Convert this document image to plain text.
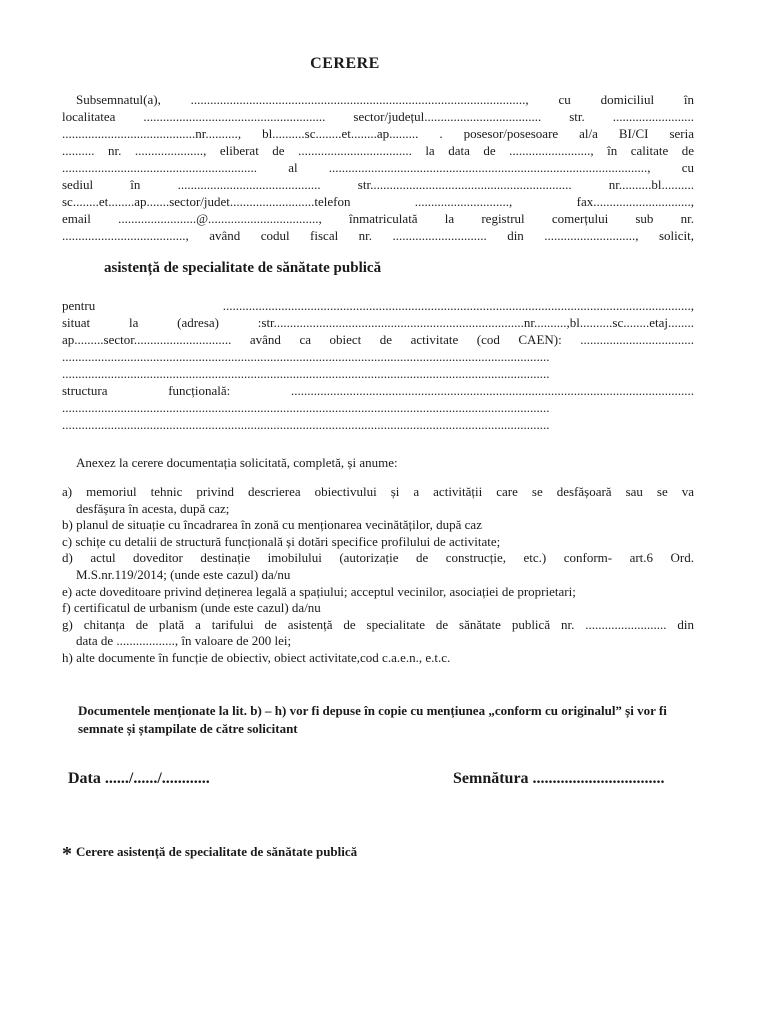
CERERE
Subsemnatul(a), ......................................................................................................., cu domiciliul în
localitatea ........................................................ sector/județul.................................... str. .........................
.........................................nr.........., bl..........sc........et........ap......... . posesor/posesoare al/a BI/CI seria
.......... nr. ....................., eliberat de ................................... la data de ........................., în calitate de
............................................................ al .................................................................................................., cu
sediul în ............................................ str.............................................................. nr..........bl..........
sc........et........ap.......sector/judet..........................telefon ............................., fax..............................,
email ........................@.................................., înmatriculată la registrul comerțului sub nr.
......................................, având codul fiscal nr. ............................. din ............................, solicit,
asistență de specialitate de sănătate publică
pentru ................................................................................................................................................,
situat la (adresa) :str.............................................................................nr..........,bl..........sc........etaj........
ap.........sector.............................. având ca obiect de activitate (cod CAEN): ...................................
......................................................................................................................................................
......................................................................................................................................................
structura funcțională: ............................................................................................................................
......................................................................................................................................................
......................................................................................................................................................
Anexez la cerere documentația solicitată, completă, și anume:
a) memoriul tehnic privind descrierea obiectivului și a activității care se desfășoară sau se va
desfășura în acesta, după caz;
b) planul de situație cu încadrarea în zonă cu menționarea vecinătăților, după caz
c) schițe cu detalii de structură funcțională și dotări specifice profilului de activitate;
d) actul doveditor destinație imobilului (autorizație de construcție, etc.) conform- art.6 Ord.
M.S.nr.119/2014; (unde este cazul) da/nu
e) acte doveditoare privind deținerea legală a spațiului; acceptul vecinilor, asociației de proprietari;
f) certificatul de urbanism (unde este cazul) da/nu
g) chitanța de plată a tarifului de asistență de specialitate de sănătate publică nr. ......................... din
data de .................., în valoare de 200 lei;
h) alte documente în funcție de obiectiv, obiect activitate,cod c.a.e.n., e.t.c.
Documentele menționate la lit. b) – h) vor fi depuse în copie cu mențiunea „conform cu originalul” și vor fi semnate și ștampilate de către solicitant
Data ....../....../............	Semnătura .................................
* Cerere asistență de specialitate de sănătate publică
